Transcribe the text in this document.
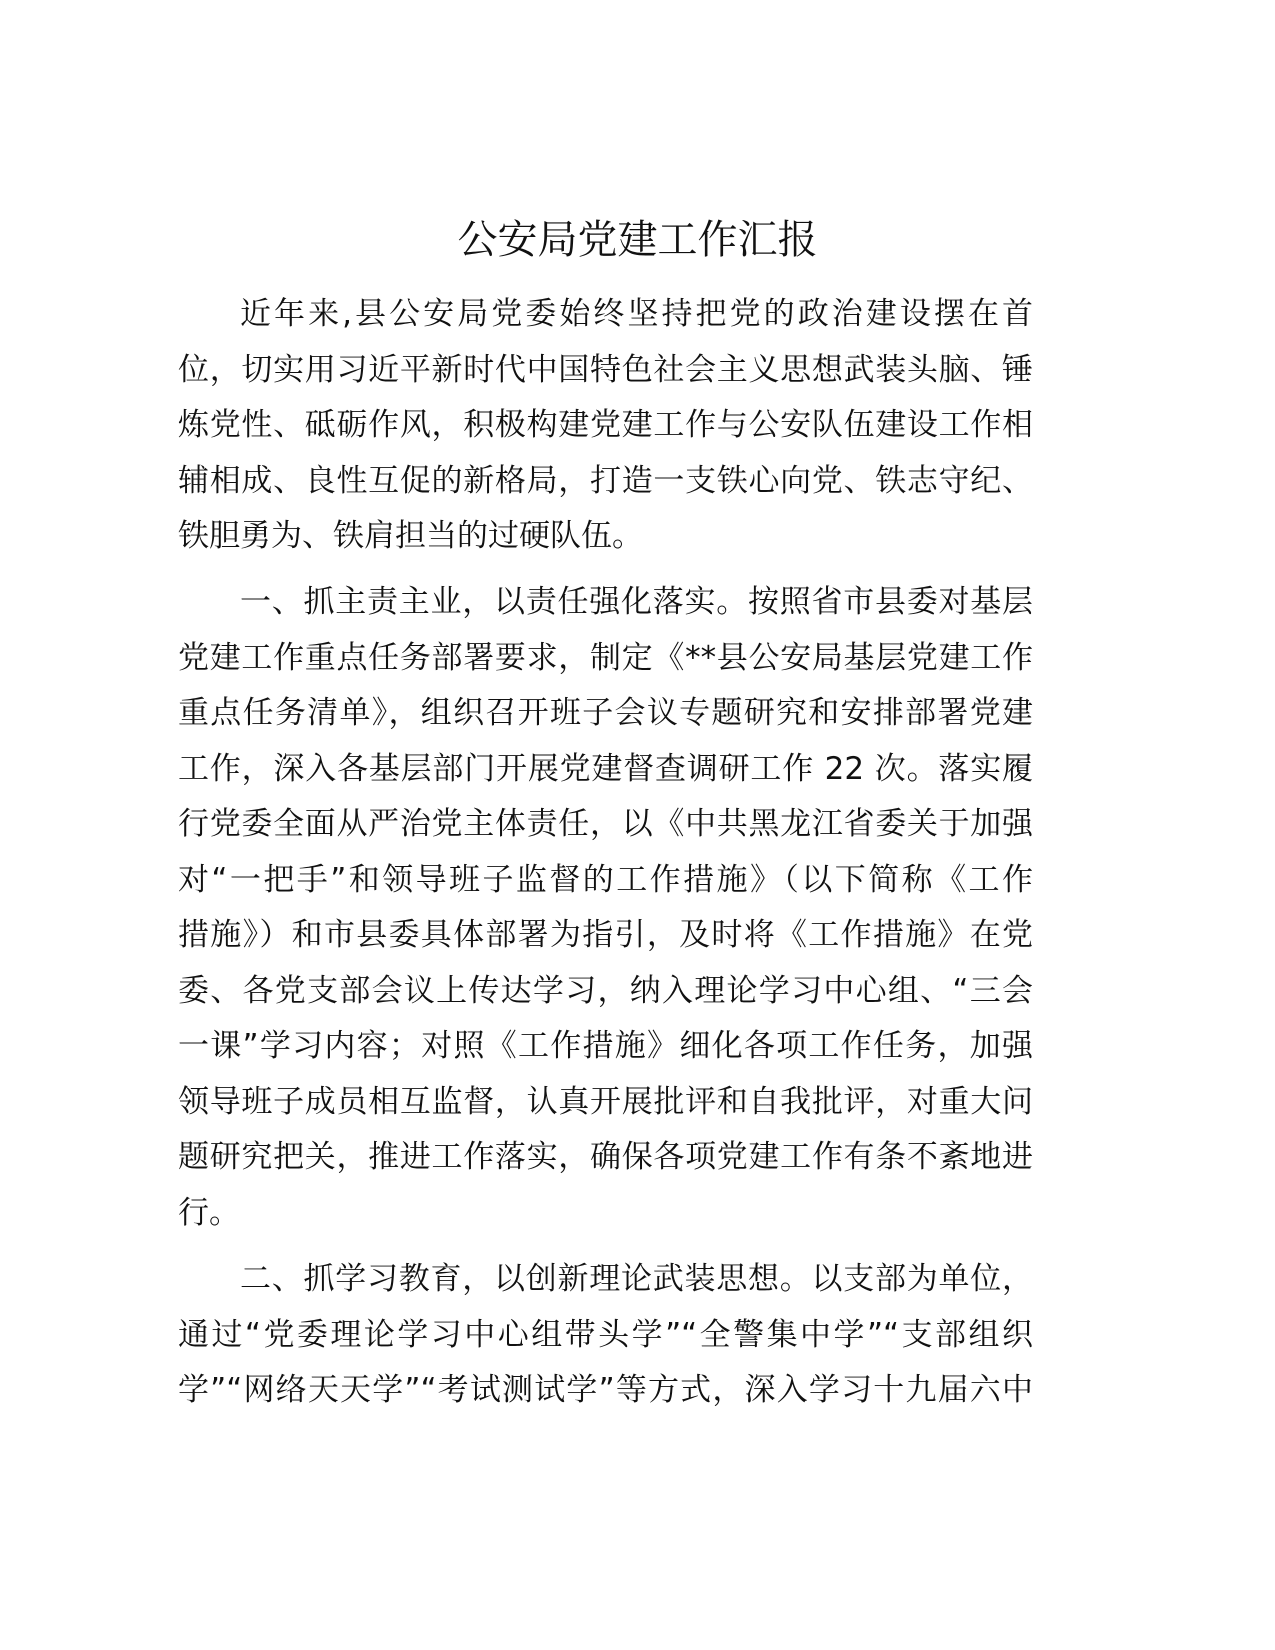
公安局党建工作汇报
近年来,县公安局党委始终坚持把党的政治建设摆在首
位，切实用习近平新时代中国特色社会主义思想武装头脑、锤
炼党性、砥砺作风，积极构建党建工作与公安队伍建设工作相
辅相成、良性互促的新格局，打造一支铁心向党、铁志守纪、
铁胆勇为、铁肩担当的过硬队伍。
一、抓主责主业，以责任强化落实。按照省市县委对基层
党建工作重点任务部署要求，制定《**县公安局基层党建工作
重点任务清单》，组织召开班子会议专题研究和安排部署党建
工作，深入各基层部门开展党建督查调研工作 22 次。落实履
行党委全面从严治党主体责任，以《中共黑龙江省委关于加强
对“一把手”和领导班子监督的工作措施》（以下简称《工作
措施》）和市县委具体部署为指引，及时将《工作措施》在党
委、各党支部会议上传达学习，纳入理论学习中心组、“三会
一课”学习内容；对照《工作措施》细化各项工作任务，加强
领导班子成员相互监督，认真开展批评和自我批评，对重大问
题研究把关，推进工作落实，确保各项党建工作有条不紊地进
行。
二、抓学习教育，以创新理论武装思想。以支部为单位，
通过“党委理论学习中心组带头学”“全警集中学”“支部组织
学”“网络天天学”“考试测试学”等方式，深入学习十九届六中
